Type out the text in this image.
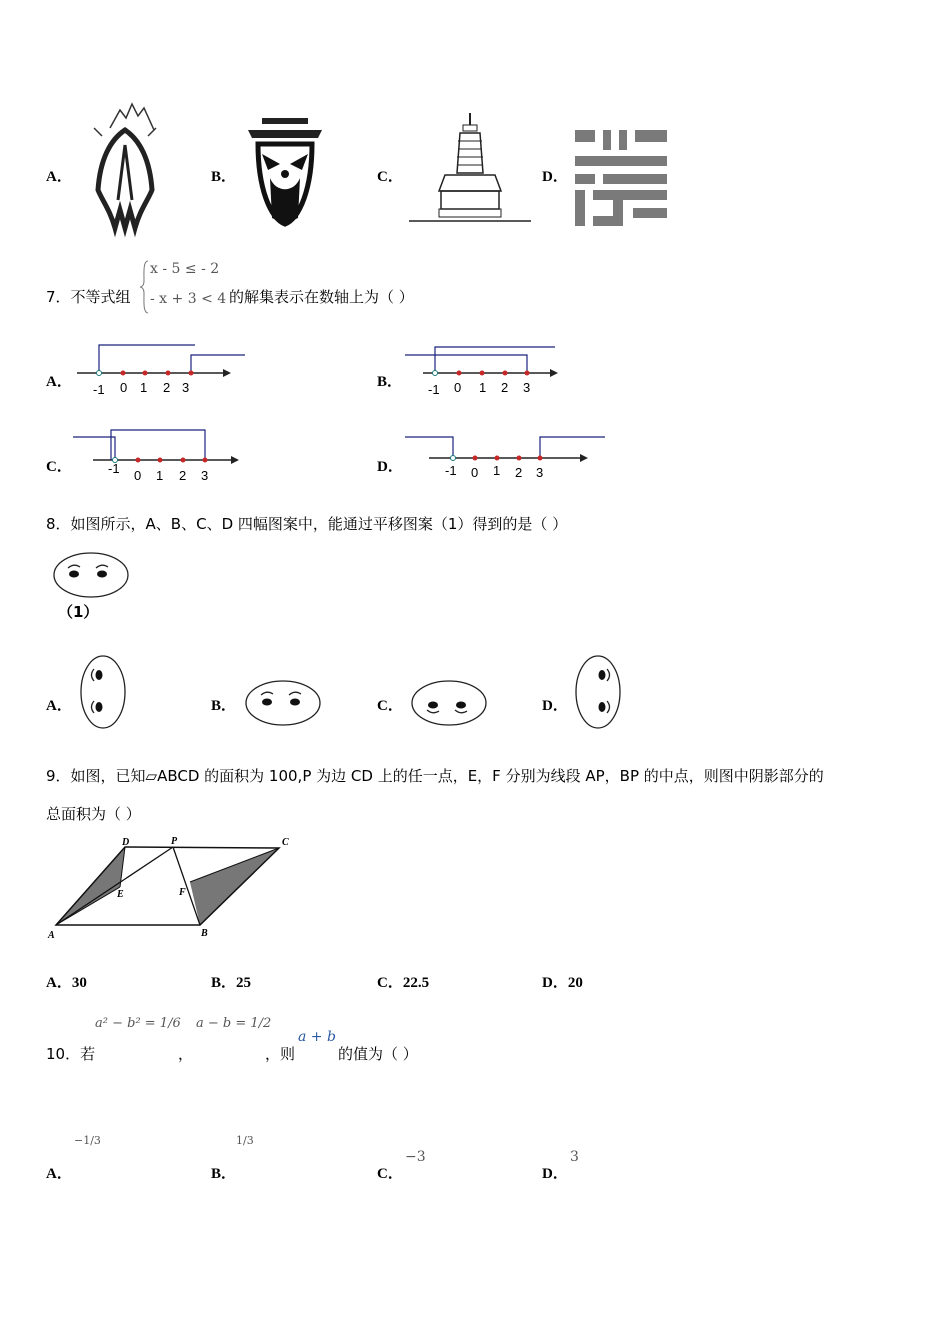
A．	B．	C．	D．
7．不等式组
x - 5 ≤ - 2
- x + 3 < 4 的解集表示在数轴上为（ ）
A． -1 0 1 2 3	B． -1 0 1 2 3
C．	-1 0 1 2 3
D．	-1 0 1 2 3
8．如图所示，A、B、C、D 四幅图案中，能通过平移图案（1）得到的是（ ）
（1）
A．	B．	C．	D．
9．如图，已知▱ABCD 的面积为 100,P 为边 CD 上的任一点，E，F 分别为线段 AP，BP 的中点，则图中阴影部分的
总面积为（ ）
D	P	C
E	F
A	B
A．30	B．25	C．22.5	D．20
10．若
a² − b² = 1/6
，
a − b = 1/2
，则
a + b
的值为（ ）
A．
−1/3
B．
1/3
C．
−3
D．
3
